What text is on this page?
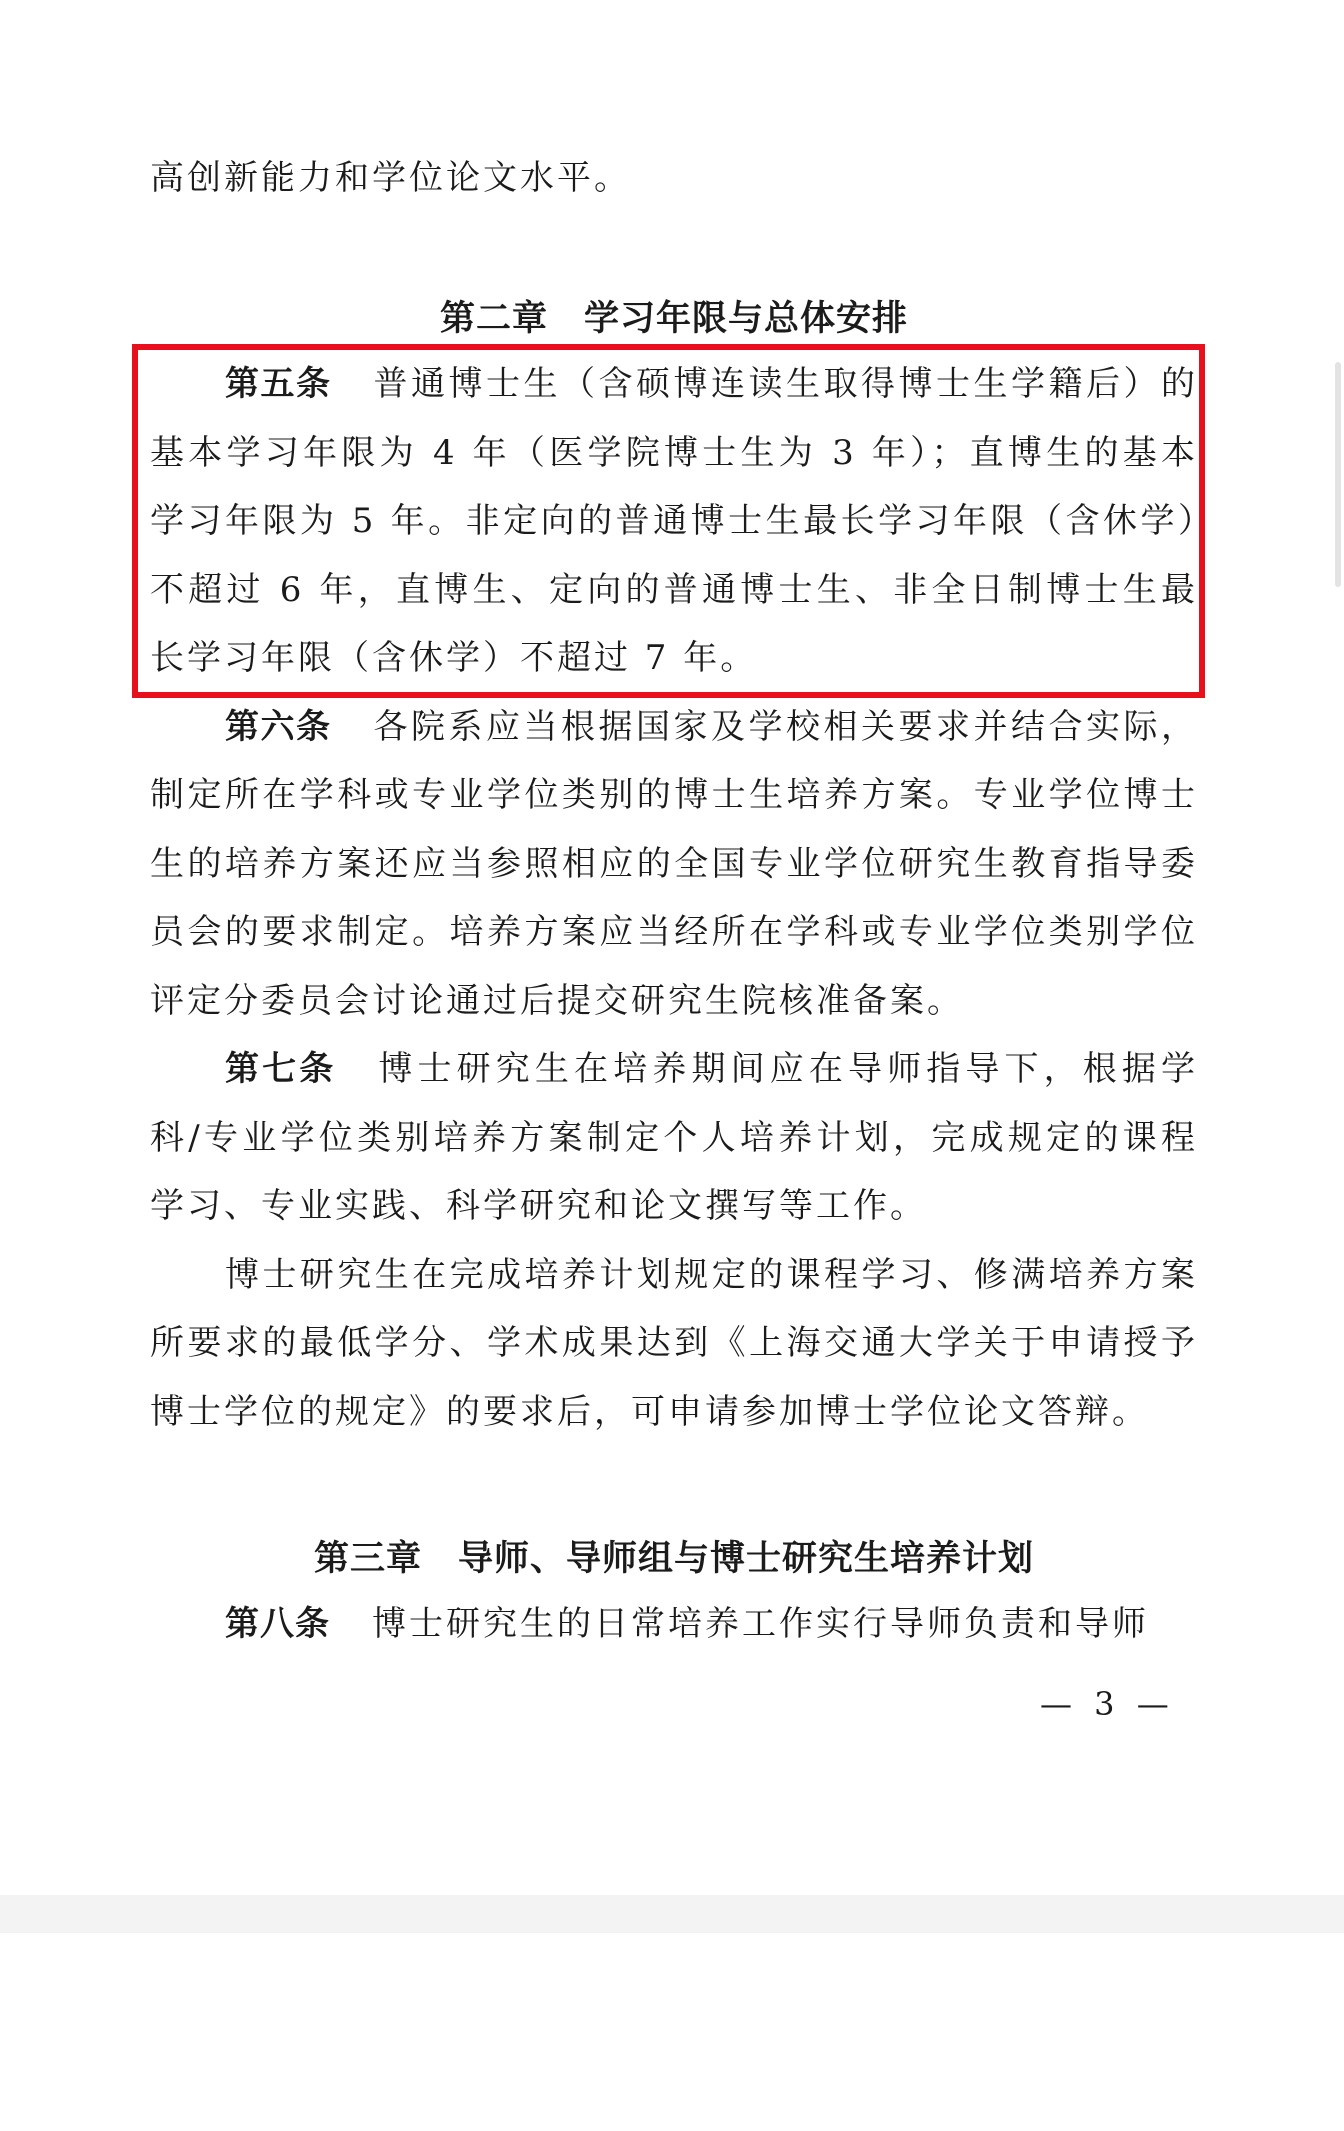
高创新能力和学位论文水平。

第二章　学习年限与总体安排

第五条 普通博士生（含硕博连读生取得博士生学籍后）的基本学习年限为 4 年（医学院博士生为 3 年）；直博生的基本学习年限为 5 年。非定向的普通博士生最长学习年限（含休学）不超过 6 年，直博生、定向的普通博士生、非全日制博士生最长学习年限（含休学）不超过 7 年。

第六条 各院系应当根据国家及学校相关要求并结合实际，制定所在学科或专业学位类别的博士生培养方案。专业学位博士生的培养方案还应当参照相应的全国专业学位研究生教育指导委员会的要求制定。培养方案应当经所在学科或专业学位类别学位评定分委员会讨论通过后提交研究生院核准备案。

第七条 博士研究生在培养期间应在导师指导下，根据学科/专业学位类别培养方案制定个人培养计划，完成规定的课程学习、专业实践、科学研究和论文撰写等工作。

博士研究生在完成培养计划规定的课程学习、修满培养方案所要求的最低学分、学术成果达到《上海交通大学关于申请授予博士学位的规定》的要求后，可申请参加博士学位论文答辩。

第三章　导师、导师组与博士研究生培养计划

第八条 博士研究生的日常培养工作实行导师负责和导师

— 3 —
